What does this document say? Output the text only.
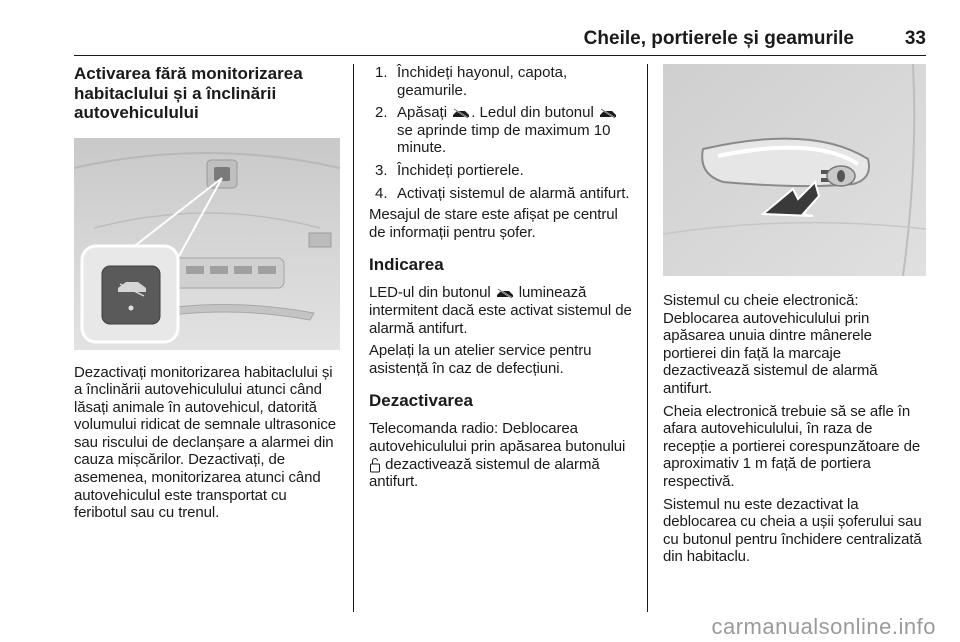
Cheile, portierele și geamurile	33
Activarea fără monitorizarea habitaclului și a înclinării autovehiculului

Dezactivați monitorizarea habitaclului și a înclinării autovehiculului atunci când lăsați animale în autovehicul, datorită volumului ridicat de semnale ultrasonice sau riscului de declanșare a alarmei din cauza mișcărilor. Dezactivați, de asemenea, monitorizarea atunci când autovehiculul este transportat cu feribotul sau cu trenul.

1. Închideți hayonul, capota, geamurile.
2. Apăsați . Ledul din butonul  se aprinde timp de maximum 10 minute.
3. Închideți portierele.
4. Activați sistemul de alarmă antifurt.

Mesajul de stare este afișat pe centrul de informații pentru șofer.

Indicarea

LED-ul din butonul luminează intermitent dacă este activat sistemul de alarmă antifurt.

Apelați la un atelier service pentru asistență în caz de defecțiuni.

Dezactivarea

Telecomanda radio: Deblocarea autovehiculului prin apăsarea butonului  dezactivează sistemul de alarmă antifurt.

Sistemul cu cheie electronică: Deblocarea autovehiculului prin apăsarea unuia dintre mânerele portierei din față la marcaje dezactivează sistemul de alarmă antifurt.

Cheia electronică trebuie să se afle în afara autovehiculului, în raza de recepție a portierei corespunzătoare de aproximativ 1 m față de portiera respectivă.

Sistemul nu este dezactivat la deblocarea cu cheia a ușii șoferului sau cu butonul pentru închidere centralizată din habitaclu.

carmanualsonline.info
